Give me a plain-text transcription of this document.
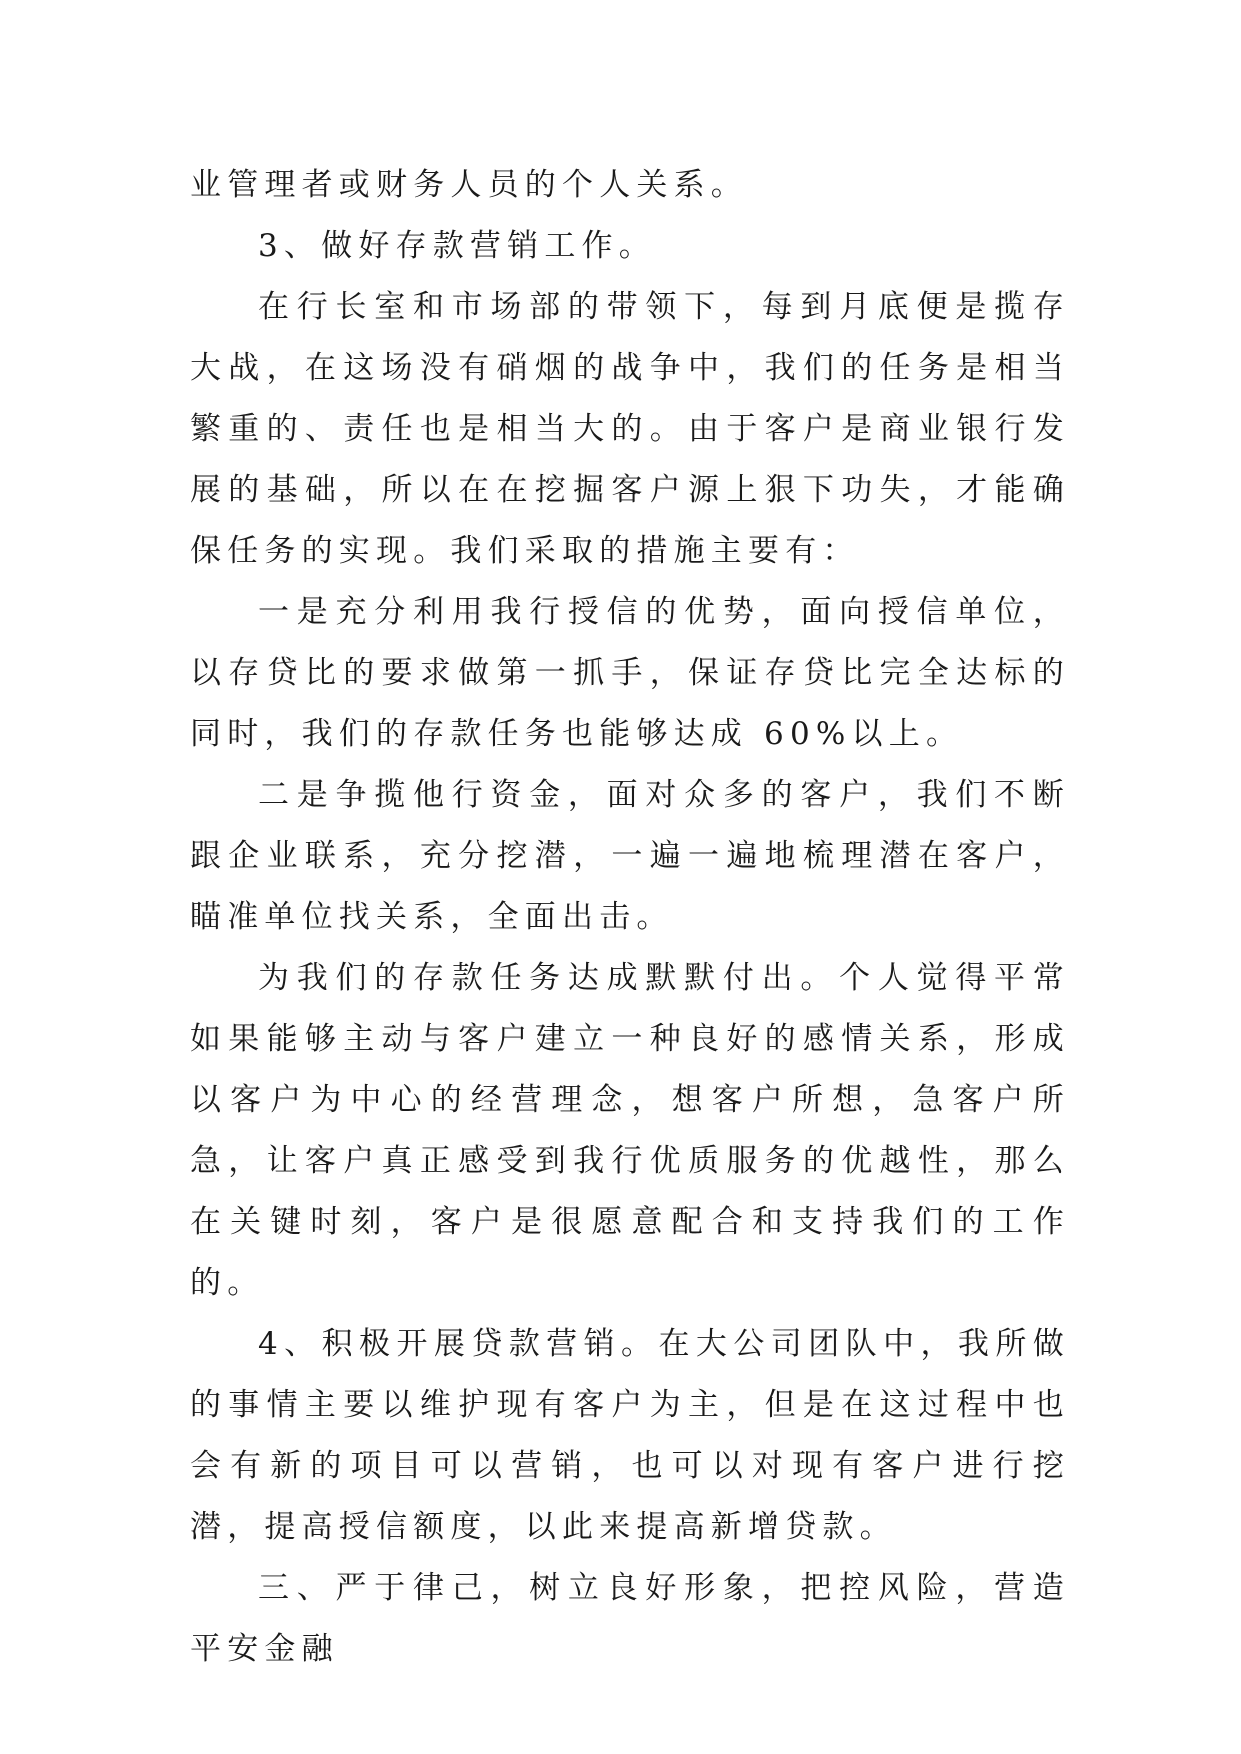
业管理者或财务人员的个人关系。

3、做好存款营销工作。

在行长室和市场部的带领下，每到月底便是揽存大战，在这场没有硝烟的战争中，我们的任务是相当繁重的、责任也是相当大的。由于客户是商业银行发展的基础，所以在在挖掘客户源上狠下功失，才能确保任务的实现。我们采取的措施主要有：

一是充分利用我行授信的优势，面向授信单位，以存贷比的要求做第一抓手，保证存贷比完全达标的同时，我们的存款任务也能够达成 60%以上。

二是争揽他行资金，面对众多的客户，我们不断跟企业联系，充分挖潜，一遍一遍地梳理潜在客户，瞄准单位找关系，全面出击。

为我们的存款任务达成默默付出。个人觉得平常如果能够主动与客户建立一种良好的感情关系，形成以客户为中心的经营理念，想客户所想，急客户所急，让客户真正感受到我行优质服务的优越性，那么在关键时刻，客户是很愿意配合和支持我们的工作的。

4、积极开展贷款营销。在大公司团队中，我所做的事情主要以维护现有客户为主，但是在这过程中也会有新的项目可以营销，也可以对现有客户进行挖潜，提高授信额度，以此来提高新增贷款。

三、严于律己，树立良好形象，把控风险，营造平安金融
